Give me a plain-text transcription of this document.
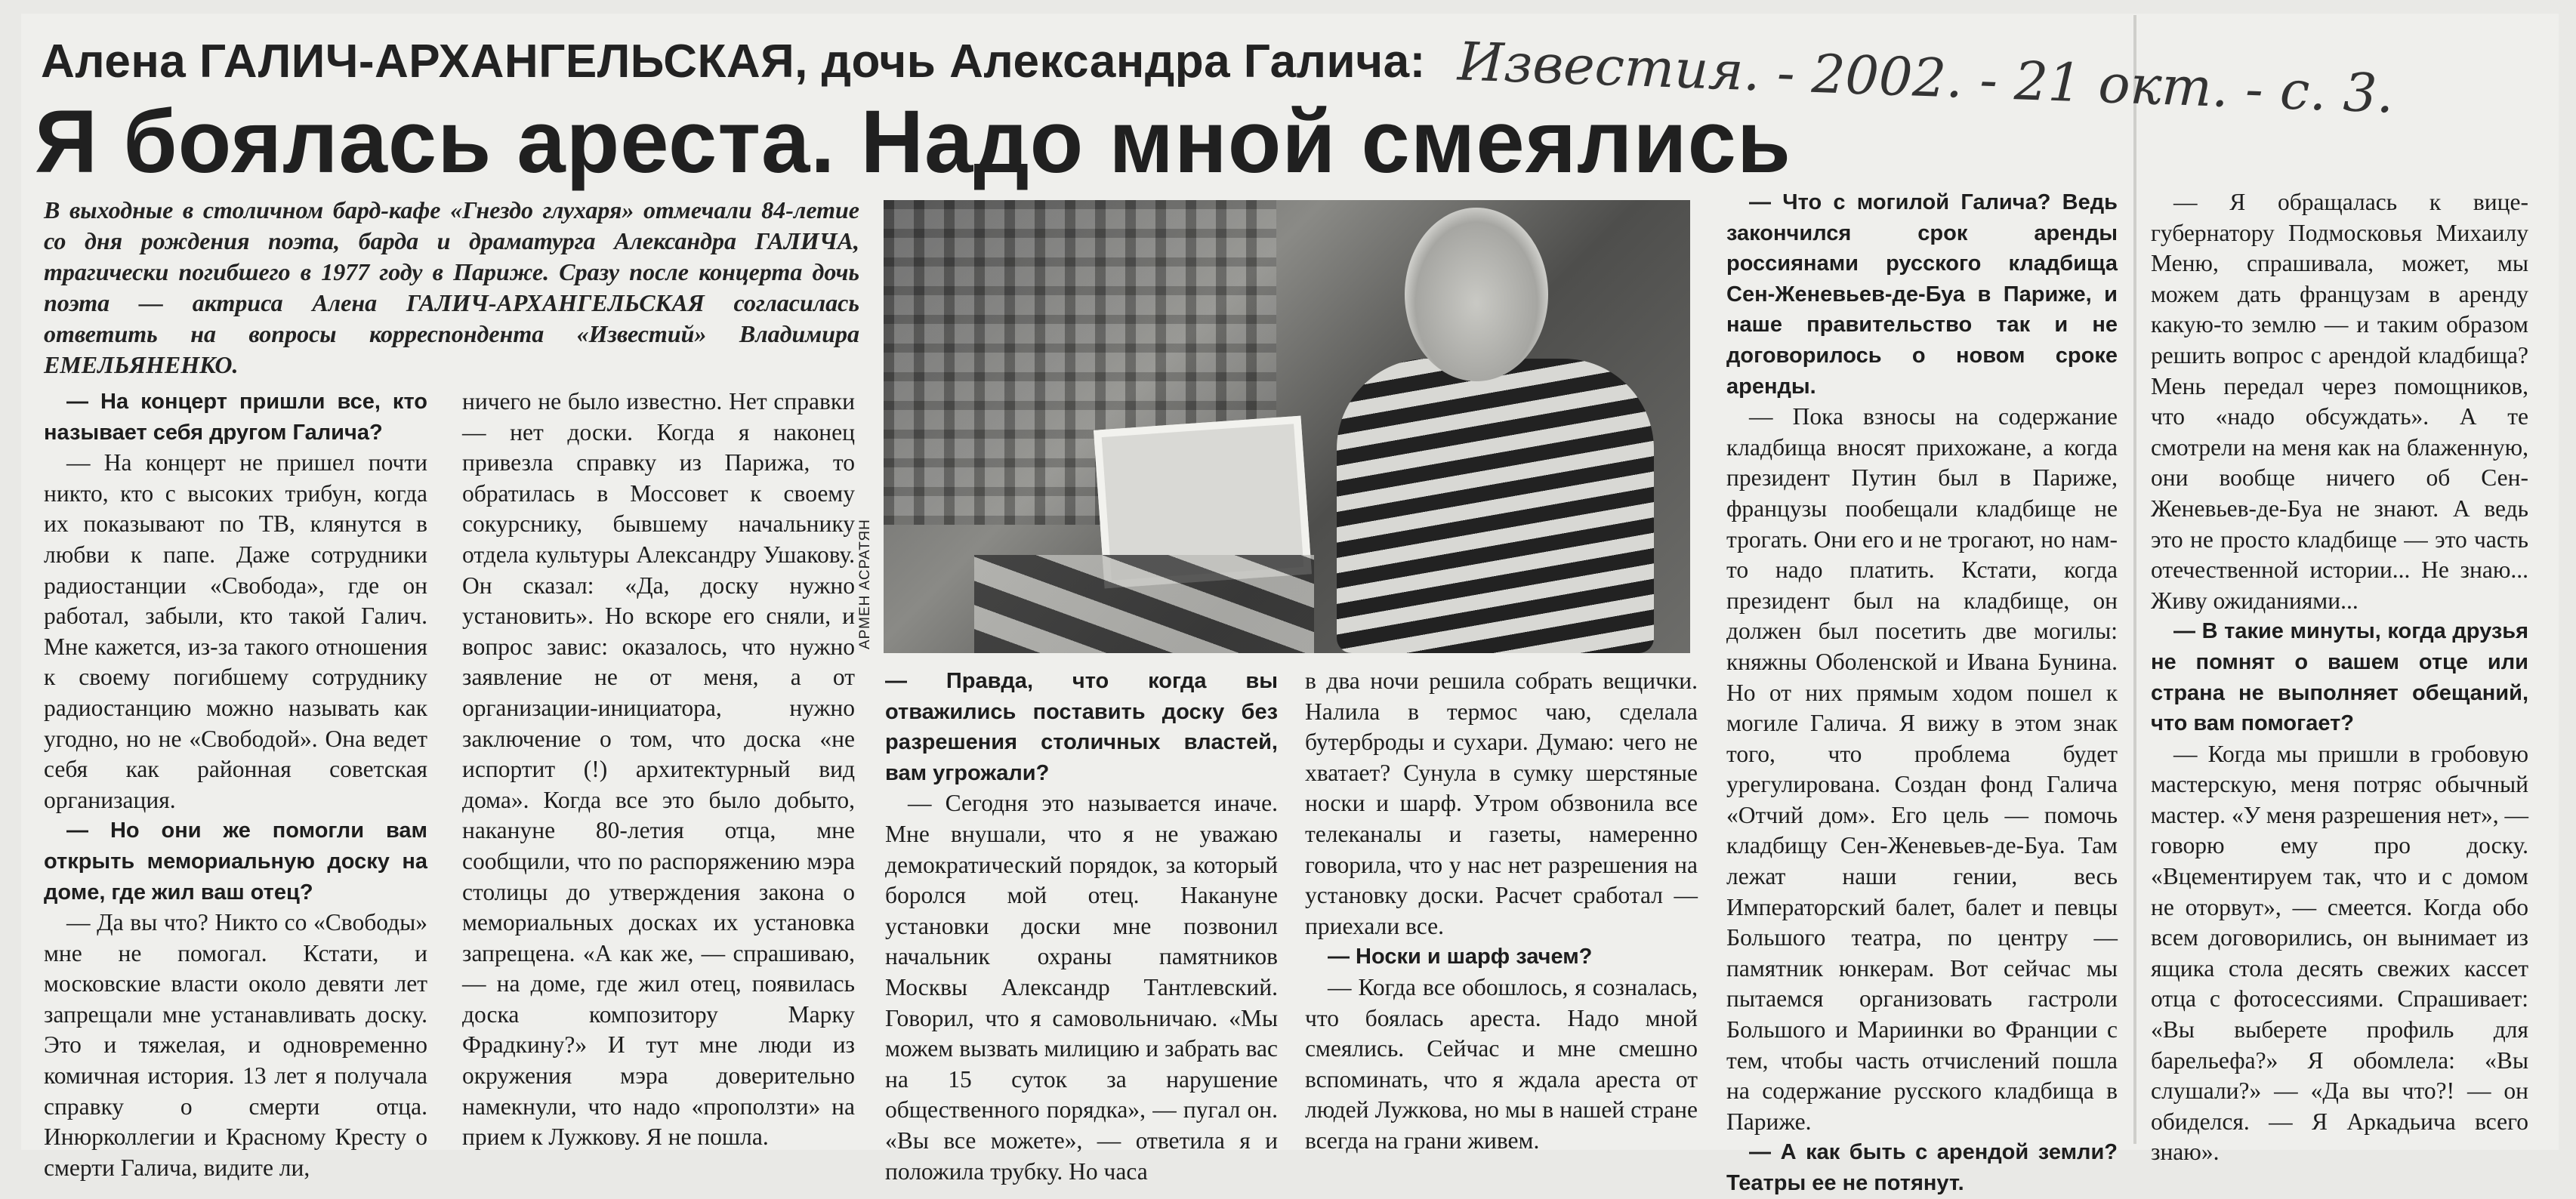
Алена ГАЛИЧ-АРХАНГЕЛЬСКАЯ, дочь Александра Галича: Известия. - 2002. - 21 окт. - с. 3.
Я боялась ареста. Надо мной смеялись
В выходные в столичном бард-кафе «Гнездо глухаря» отмечали 84-летие со дня рождения поэта, барда и драматурга Александра ГАЛИЧА, трагически погибшего в 1977 году в Париже. Сразу после концерта дочь поэта — актриса Алена ГАЛИЧ-АРХАНГЕЛЬСКАЯ согласилась ответить на вопросы корреспондента «Известий» Владимира ЕМЕЛЬЯНЕНКО.
АРМЕН АСРАТЯН

— На концерт пришли все, кто называет себя другом Галича?

— На концерт не пришел почти никто, кто с высоких трибун, когда их показывают по ТВ, клянутся в любви к папе. Даже сотрудники радиостанции «Свобода», где он работал, забыли, кто такой Галич. Мне кажется, из-за такого отношения к своему погибшему сотруднику радиостанцию можно называть как угодно, но не «Свободой». Она ведет себя как районная советская организация.

— Но они же помогли вам открыть мемориальную доску на доме, где жил ваш отец?

— Да вы что? Никто со «Свободы» мне не помогал. Кстати, и московские власти около девяти лет запрещали мне устанавливать доску. Это и тяжелая, и одновременно комичная история. 13 лет я получала справку о смерти отца. Инюрколлегии и Красному Кресту о смерти Галича, видите ли,

ничего не было известно. Нет справки — нет доски. Когда я наконец привезла справку из Парижа, то обратилась в Моссовет к своему сокурснику, бывшему начальнику отдела культуры Александру Ушакову. Он сказал: «Да, доску нужно установить». Но вскоре его сняли, и вопрос завис: оказалось, что нужно заявление не от меня, а от организации-инициатора, нужно заключение о том, что доска «не испортит (!) архитектурный вид дома». Когда все это было добыто, накануне 80-летия отца, мне сообщили, что по распоряжению мэра столицы до утверждения закона о мемориальных досках их установка запрещена. «А как же, — спрашиваю, — на доме, где жил отец, появилась доска композитору Марку Фрадкину?» И тут мне люди из окружения мэра доверительно намекнули, что надо «проползти» на прием к Лужкову. Я не пошла.

— Правда, что когда вы отважились поставить доску без разрешения столичных властей, вам угрожали?

— Сегодня это называется иначе. Мне внушали, что я не уважаю демократический порядок, за который боролся мой отец. Накануне установки доски мне позвонил начальник охраны памятников Москвы Александр Тантлевский. Говорил, что я самовольничаю. «Мы можем вызвать милицию и забрать вас на 15 суток за нарушение общественного порядка», — пугал он. «Вы все можете», — ответила я и положила трубку. Но часа

в два ночи решила собрать вещички. Налила в термос чаю, сделала бутерброды и сухари. Думаю: чего не хватает? Сунула в сумку шерстяные носки и шарф. Утром обзвонила все телеканалы и газеты, намеренно говорила, что у нас нет разрешения на установку доски. Расчет сработал — приехали все.

— Носки и шарф зачем?

— Когда все обошлось, я созналась, что боялась ареста. Надо мной смеялись. Сейчас и мне смешно вспоминать, что я ждала ареста от людей Лужкова, но мы в нашей стране всегда на грани живем.

— Что с могилой Галича? Ведь закончился срок аренды россиянами русского кладбища Сен-Женевьев-де-Буа в Париже, и наше правительство так и не договорилось о новом сроке аренды.

— Пока взносы на содержание кладбища вносят прихожане, а когда президент Путин был в Париже, французы пообещали кладбище не трогать. Они его и не трогают, но нам-то надо платить. Кстати, когда президент был на кладбище, он должен был посетить две могилы: княжны Оболенской и Ивана Бунина. Но от них прямым ходом пошел к могиле Галича. Я вижу в этом знак того, что проблема будет урегулирована. Создан фонд Галича «Отчий дом». Его цель — помочь кладбищу Сен-Женевьев-де-Буа. Там лежат наши гении, весь Императорский балет, балет и певцы Большого театра, по центру — памятник юнкерам. Вот сейчас мы пытаемся организовать гастроли Большого и Мариинки во Франции с тем, чтобы часть отчислений пошла на содержание русского кладбища в Париже.

— А как быть с арендой земли? Театры ее не потянут.

— Я обращалась к вице-губернатору Подмосковья Михаилу Меню, спрашивала, может, мы можем дать французам в аренду какую-то землю — и таким образом решить вопрос с арендой кладбища? Мень передал через помощников, что «надо обсуждать». А те смотрели на меня как на блаженную, они вообще ничего об Сен-Женевьев-де-Буа не знают. А ведь это не просто кладбище — это часть отечественной истории... Не знаю... Живу ожиданиями...

— В такие минуты, когда друзья не помнят о вашем отце или страна не выполняет обещаний, что вам помогает?

— Когда мы пришли в гробовую мастерскую, меня потряс обычный мастер. «У меня разрешения нет», — говорю ему про доску. «Вцементируем так, что и с домом не оторвут», — смеется. Когда обо всем договорились, он вынимает из ящика стола десять свежих кассет отца с фотосессиями. Спрашивает: «Вы выберете профиль для барельефа?» Я обомлела: «Вы слушали?» — «Да вы что?! — он обиделся. — Я Аркадьича всего знаю».
